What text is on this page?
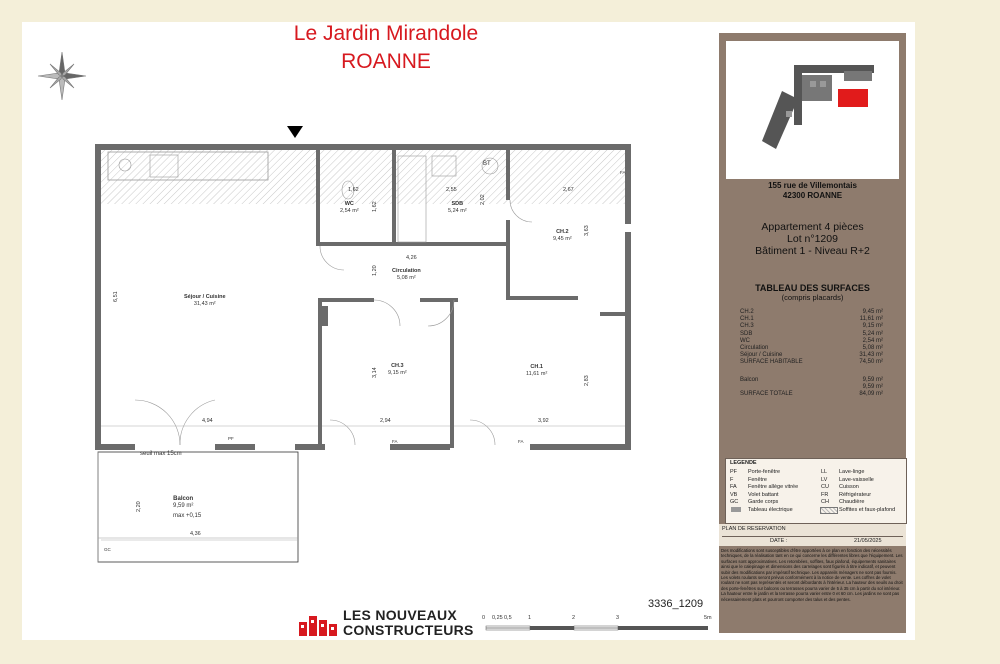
Le Jardin Mirandole
ROANNE
WC
2,54 m²
SDB
5,24 m²
CH.2
9,45 m²
Circulation
5,08 m²
Séjour / Cuisine
31,43 m²
CH.3
9,15 m²
CH.1
11,61 m²
Balcon
9,59 m²
max +0,15
1,62
1,62
2,55
2,02
2,67
3,63
4,26
1,20
6,51
4,94	2,94
3,14
3,92
2,83
2,20
4,36
BT
FA
FA
FA
PF
GC
seuil max 15cm
LES NOUVEAUX
CONSTRUCTEURS
0 0,25 0,5	1	2	3	5m
3336_1209
155 rue de Villemontais
42300 ROANNE
Appartement 4 pièces
Lot n°1209
Bâtiment 1 - Niveau R+2
TABLEAU DES SURFACES
(compris placards)
CH.2	9,45 m²
CH.1	11,61 m²
CH.3	9,15 m²
SDB	5,24 m²
WC	2,54 m²
Circulation	5,08 m²
Séjour / Cuisine	31,43 m²
SURFACE HABITABLE	74,50 m²
Balcon	9,59 m²
9,59 m²
SURFACE TOTALE	84,09 m²
LEGENDE
PF Porte-fenêtre
F	Fenêtre
FA Fenêtre allège vitrée
VB Volet battant
GC Garde corps
Tableau électrique
LL Lave-linge
LV Lave-vaisselle
CU Cuisson
FR Réfrigérateur
CH Chaudière
Soffites et faux-plafond
PLAN DE RESERVATION
DATE :	21/05/2025
Des modifications sont susceptibles d'être apportées à ce plan en fonction des nécessités techniques, de la réalisation tant en ce qui concerne les différentes libres que l'équipement. Les surfaces sont approximatives. Les retombées, soffites, faux plafond, équipements sanitaires ainsi que le calepinage et dimensions des carrelages sont figurés à titre indicatif, et peuvent subir des modifications par impératif technique. Les appareils ménagers ne sont pas fournis. Les volets roulants seront prévus conformément à la notice de vente. Les coffres de volet roulant ne sont pas représentés et seront débordants à l'intérieur. La hauteur des seuils au droit des porte-fenêtres sur balcons ou terrasses pourra varier de 5 à 35 cm à partir du sol intérieur. La hauteur entre le jardin et la terrasse pourra varier entre 0 et 60 cm. Les jardins ne sont pas nécessairement plats et pourront comporter des talus et des pentes.
